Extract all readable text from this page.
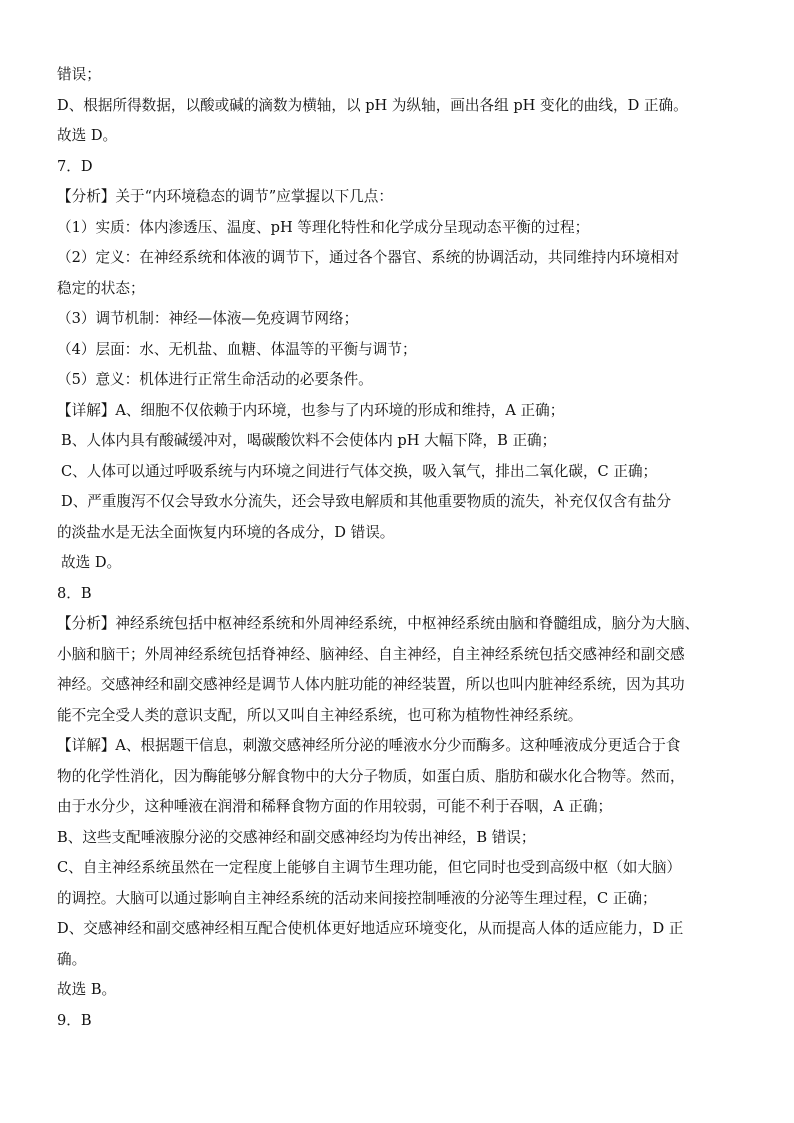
错误；
D、根据所得数据，以酸或碱的滴数为横轴，以 pH 为纵轴，画出各组 pH 变化的曲线，D 正确。
故选 D。
7．D
【分析】关于“内环境稳态的调节”应掌握以下几点：
（1）实质：体内渗透压、温度、pH 等理化特性和化学成分呈现动态平衡的过程；
（2）定义：在神经系统和体液的调节下，通过各个器官、系统的协调活动，共同维持内环境相对
稳定的状态；
（3）调节机制：神经—体液—免疫调节网络；
（4）层面：水、无机盐、血糖、体温等的平衡与调节；
（5）意义：机体进行正常生命活动的必要条件。
【详解】A、细胞不仅依赖于内环境，也参与了内环境的形成和维持，A 正确；
B、人体内具有酸碱缓冲对，喝碳酸饮料不会使体内 pH 大幅下降，B 正确；
C、人体可以通过呼吸系统与内环境之间进行气体交换，吸入氧气，排出二氧化碳，C 正确；
D、严重腹泻不仅会导致水分流失，还会导致电解质和其他重要物质的流失，补充仅仅含有盐分
的淡盐水是无法全面恢复内环境的各成分，D 错误。
故选 D。
8．B
【分析】神经系统包括中枢神经系统和外周神经系统，中枢神经系统由脑和脊髓组成，脑分为大脑、
小脑和脑干；外周神经系统包括脊神经、脑神经、自主神经，自主神经系统包括交感神经和副交感
神经。交感神经和副交感神经是调节人体内脏功能的神经装置，所以也叫内脏神经系统，因为其功
能不完全受人类的意识支配，所以又叫自主神经系统，也可称为植物性神经系统。
【详解】A、根据题干信息，刺激交感神经所分泌的唾液水分少而酶多。这种唾液成分更适合于食
物的化学性消化，因为酶能够分解食物中的大分子物质，如蛋白质、脂肪和碳水化合物等。然而，
由于水分少，这种唾液在润滑和稀释食物方面的作用较弱，可能不利于吞咽，A 正确；
B、这些支配唾液腺分泌的交感神经和副交感神经均为传出神经，B 错误；
C、自主神经系统虽然在一定程度上能够自主调节生理功能，但它同时也受到高级中枢（如大脑）
的调控。大脑可以通过影响自主神经系统的活动来间接控制唾液的分泌等生理过程，C 正确；
D、交感神经和副交感神经相互配合使机体更好地适应环境变化，从而提高人体的适应能力，D 正
确。
故选 B。
9．B
